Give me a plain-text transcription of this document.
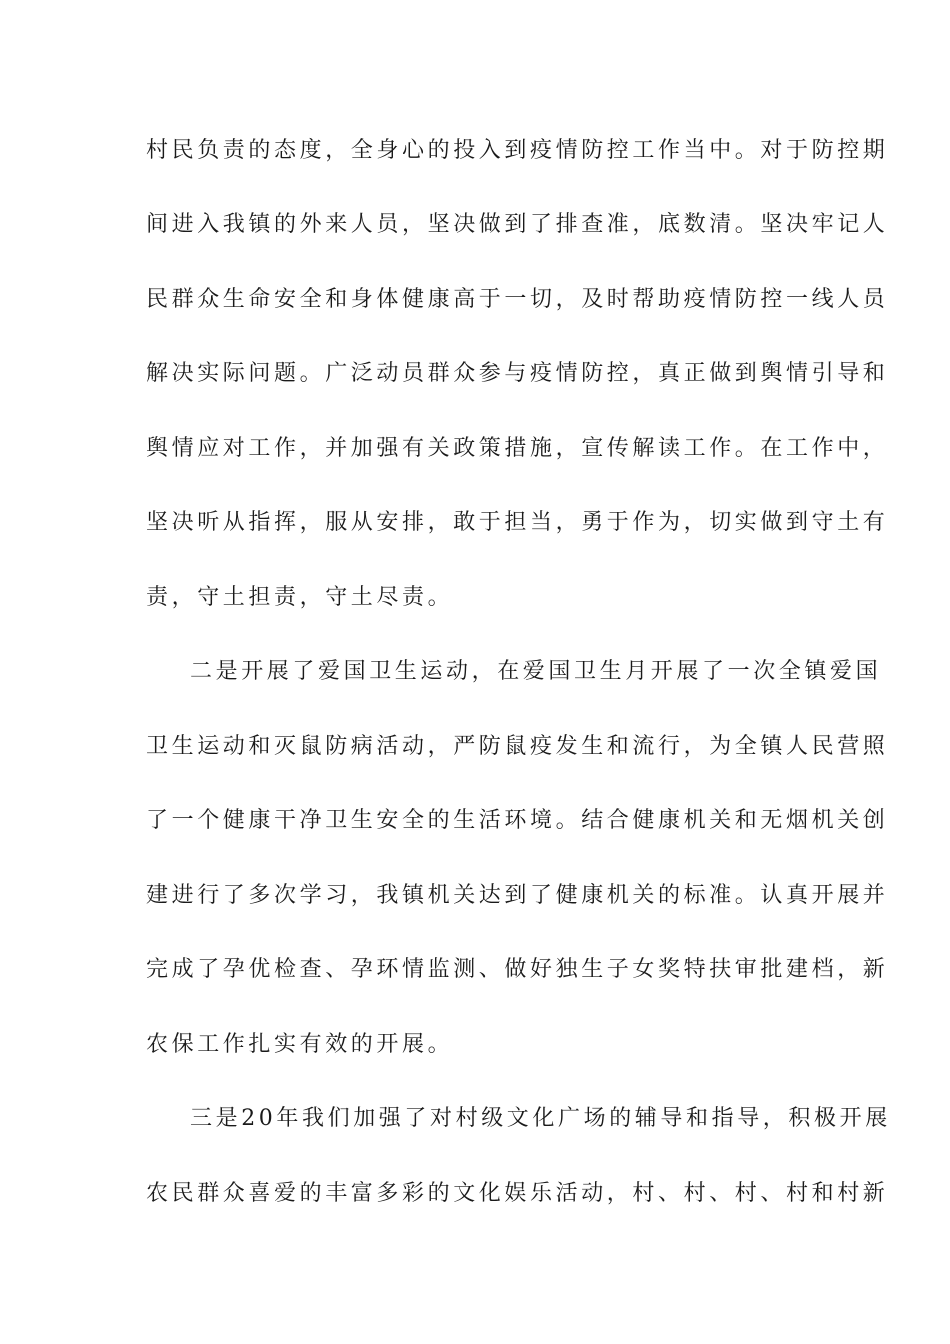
村民负责的态度，全身心的投入到疫情防控工作当中。对于防控期
间进入我镇的外来人员，坚决做到了排查准，底数清。坚决牢记人
民群众生命安全和身体健康高于一切，及时帮助疫情防控一线人员
解决实际问题。广泛动员群众参与疫情防控，真正做到舆情引导和
舆情应对工作，并加强有关政策措施，宣传解读工作。在工作中，
坚决听从指挥，服从安排，敢于担当，勇于作为，切实做到守土有
责，守土担责，守土尽责。
二是开展了爱国卫生运动，在爱国卫生月开展了一次全镇爱国
卫生运动和灭鼠防病活动，严防鼠疫发生和流行，为全镇人民营照
了一个健康干净卫生安全的生活环境。结合健康机关和无烟机关创
建进行了多次学习，我镇机关达到了健康机关的标准。认真开展并
完成了孕优检查、孕环情监测、做好独生子女奖特扶审批建档，新
农保工作扎实有效的开展。
三是20年我们加强了对村级文化广场的辅导和指导，积极开展
农民群众喜爱的丰富多彩的文化娱乐活动，村、村、村、村和村新
